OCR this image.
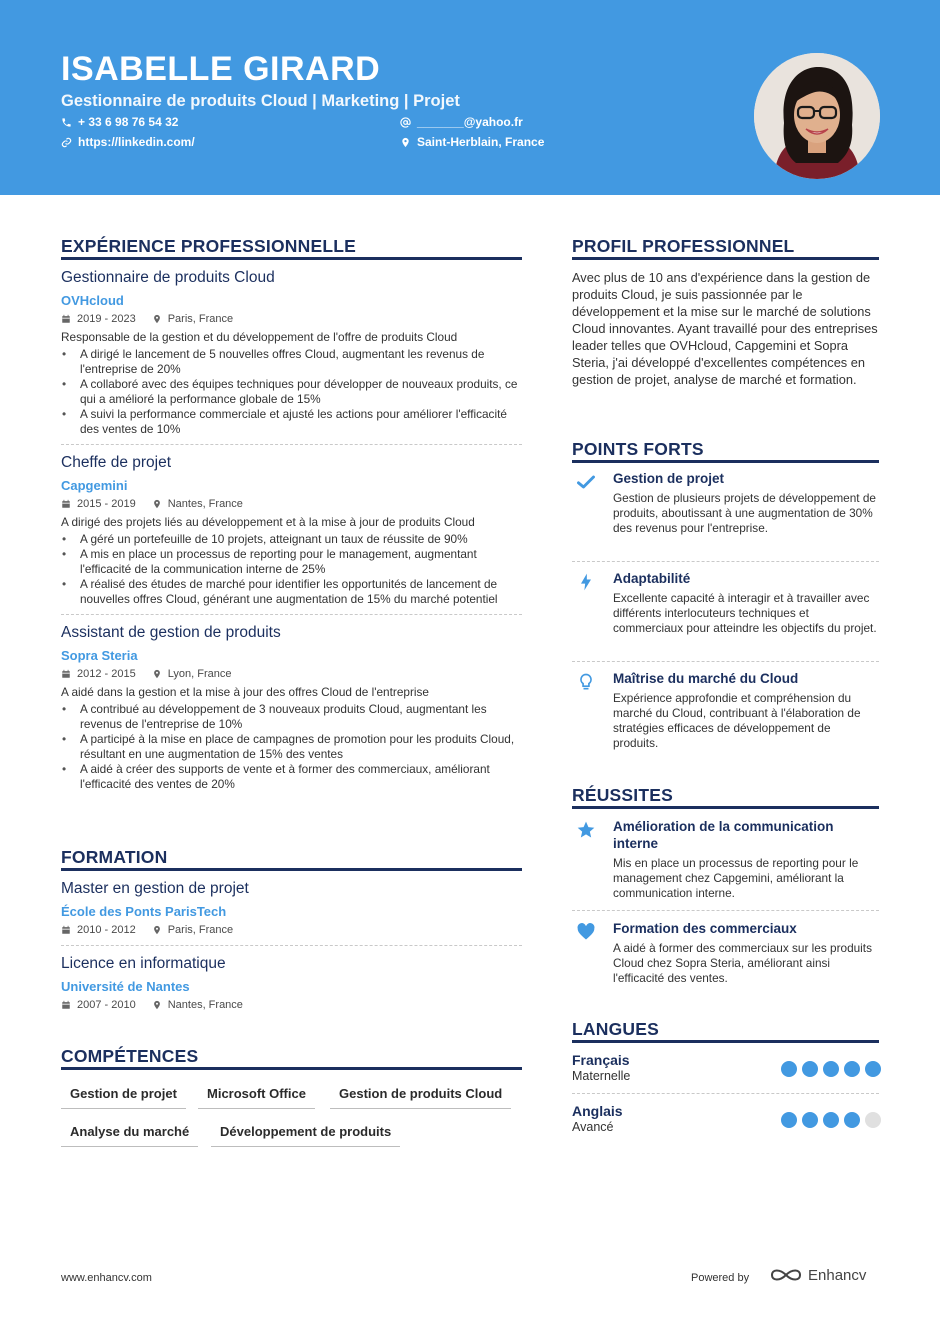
ISABELLE GIRARD
Gestionnaire de produits Cloud | Marketing | Projet
+ 33 6 98 76 54 32	_______@yahoo.fr
https://linkedin.com/	Saint-Herblain, France
EXPÉRIENCE PROFESSIONNELLE
Gestionnaire de produits Cloud
OVHcloud
2019 - 2023	Paris, France
Responsable de la gestion et du développement de l'offre de produits Cloud
• A dirigé le lancement de 5 nouvelles offres Cloud, augmentant les revenus de l'entreprise de 20%
• A collaboré avec des équipes techniques pour développer de nouveaux produits, ce qui a amélioré la performance globale de 15%
• A suivi la performance commerciale et ajusté les actions pour améliorer l'efficacité des ventes de 10%
Cheffe de projet
Capgemini
2015 - 2019	Nantes, France
A dirigé des projets liés au développement et à la mise à jour de produits Cloud
• A géré un portefeuille de 10 projets, atteignant un taux de réussite de 90%
• A mis en place un processus de reporting pour le management, augmentant l'efficacité de la communication interne de 25%
• A réalisé des études de marché pour identifier les opportunités de lancement de nouvelles offres Cloud, générant une augmentation de 15% du marché potentiel
Assistant de gestion de produits
Sopra Steria
2012 - 2015	Lyon, France
A aidé dans la gestion et la mise à jour des offres Cloud de l'entreprise
• A contribué au développement de 3 nouveaux produits Cloud, augmentant les revenus de l'entreprise de 10%
• A participé à la mise en place de campagnes de promotion pour les produits Cloud, résultant en une augmentation de 15% des ventes
• A aidé à créer des supports de vente et à former des commerciaux, améliorant l'efficacité des ventes de 20%
FORMATION
Master en gestion de projet
École des Ponts ParisTech
2010 - 2012	Paris, France
Licence en informatique
Université de Nantes
2007 - 2010	Nantes, France
COMPÉTENCES
Gestion de projet	Microsoft Office	Gestion de produits Cloud
Analyse du marché	Développement de produits
PROFIL PROFESSIONNEL
Avec plus de 10 ans d'expérience dans la gestion de produits Cloud, je suis passionnée par le développement et la mise sur le marché de solutions Cloud innovantes. Ayant travaillé pour des entreprises leader telles que OVHcloud, Capgemini et Sopra Steria, j'ai développé d'excellentes compétences en gestion de projet, analyse de marché et formation.
POINTS FORTS
Gestion de projet
Gestion de plusieurs projets de développement de produits, aboutissant à une augmentation de 30% des revenus pour l'entreprise.
Adaptabilité
Excellente capacité à interagir et à travailler avec différents interlocuteurs techniques et commerciaux pour atteindre les objectifs du projet.
Maîtrise du marché du Cloud
Expérience approfondie et compréhension du marché du Cloud, contribuant à l'élaboration de stratégies efficaces de développement de produits.
RÉUSSITES
Amélioration de la communication interne
Mis en place un processus de reporting pour le management chez Capgemini, améliorant la communication interne.
Formation des commerciaux
A aidé à former des commerciaux sur les produits Cloud chez Sopra Steria, améliorant ainsi l'efficacité des ventes.
LANGUES
Français
Maternelle
Anglais
Avancé
www.enhancv.com	Powered by	Enhancv
